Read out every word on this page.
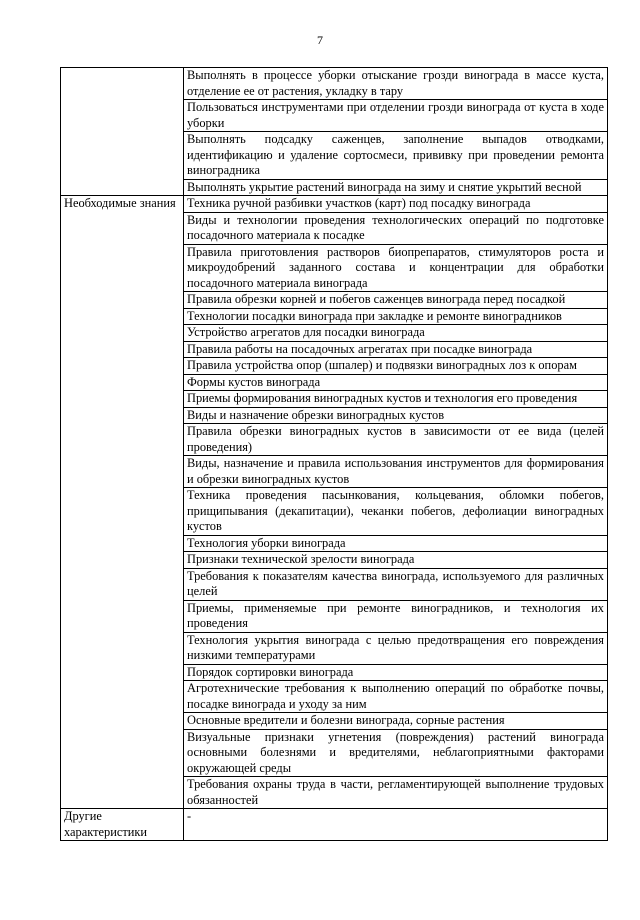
7
	Выполнять в процессе уборки отыскание грозди винограда в массе куста, отделение ее от растения, укладку в тару
	Пользоваться инструментами при отделении грозди винограда от куста в ходе уборки
	Выполнять подсадку саженцев, заполнение выпадов отводками, идентификацию и удаление сортосмеси, прививку при проведении ремонта виноградника
	Выполнять укрытие растений винограда на зиму и снятие укрытий весной
Необходимые знания	Техника ручной разбивки участков (карт) под посадку винограда
	Виды и технологии проведения технологических операций по подготовке посадочного материала к посадке
	Правила приготовления растворов биопрепаратов, стимуляторов роста и микроудобрений заданного состава и концентрации для обработки посадочного материала винограда
	Правила обрезки корней и побегов саженцев винограда перед посадкой
	Технологии посадки винограда при закладке и ремонте виноградников
	Устройство агрегатов для посадки винограда
	Правила работы на посадочных агрегатах при посадке винограда
	Правила устройства опор (шпалер) и подвязки виноградных лоз к опорам
	Формы кустов винограда
	Приемы формирования виноградных кустов и технология его проведения
	Виды и назначение обрезки виноградных кустов
	Правила обрезки виноградных кустов в зависимости от ее вида (целей проведения)
	Виды, назначение и правила использования инструментов для формирования и обрезки виноградных кустов
	Техника проведения пасынкования, кольцевания, обломки побегов, прищипывания (декапитации), чеканки побегов, дефолиации виноградных кустов
	Технология уборки винограда
	Признаки технической зрелости винограда
	Требования к показателям качества винограда, используемого для различных целей
	Приемы, применяемые при ремонте виноградников, и технология их проведения
	Технология укрытия винограда с целью предотвращения его повреждения низкими температурами
	Порядок сортировки винограда
	Агротехнические требования к выполнению операций по обработке почвы, посадке винограда и уходу за ним
	Основные вредители и болезни винограда, сорные растения
	Визуальные признаки угнетения (повреждения) растений винограда основными болезнями и вредителями, неблагоприятными факторами окружающей среды
	Требования охраны труда в части, регламентирующей выполнение трудовых обязанностей
Другие характеристики	-
